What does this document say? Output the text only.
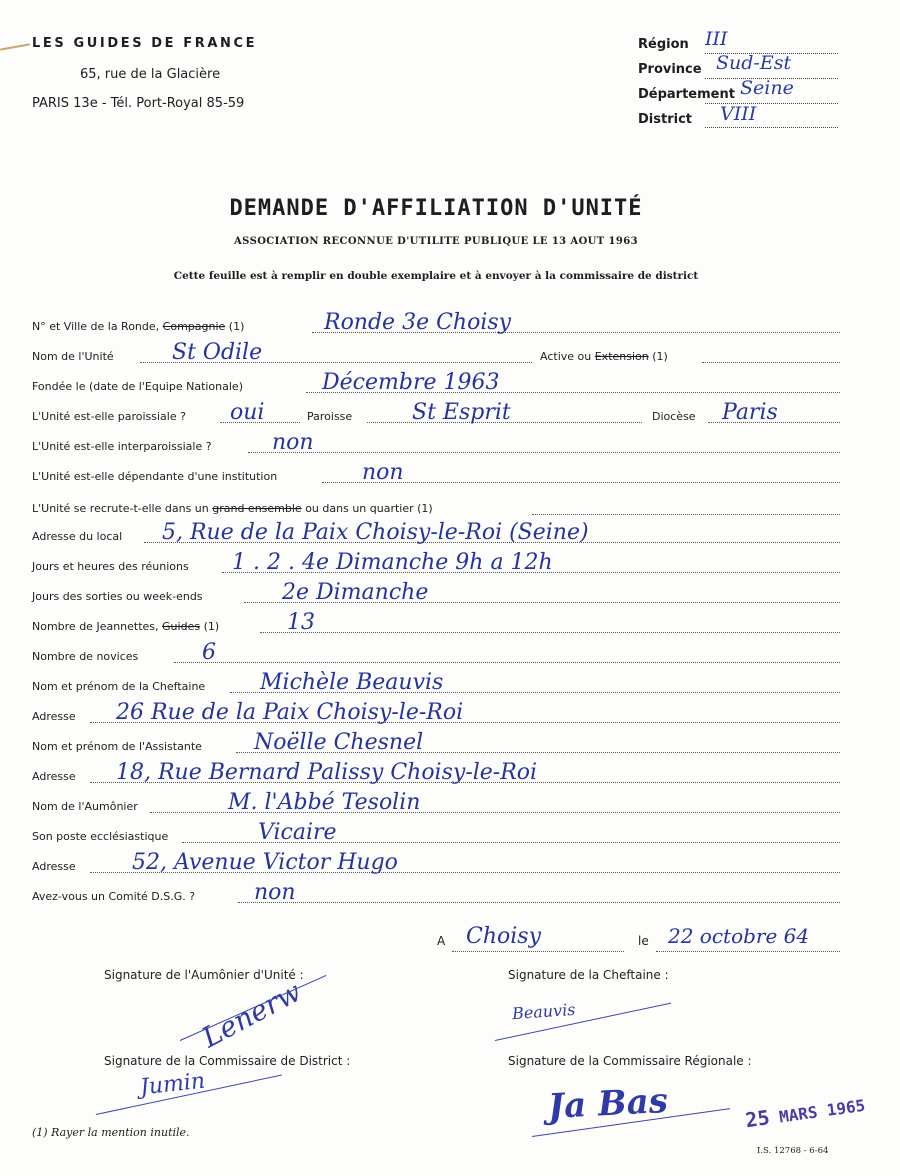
LES GUIDES DE FRANCE
65, rue de la Glacière
PARIS 13e - Tél. Port-Royal 85-59
Région III
Province Sud-Est
Département Seine
District VIII
DEMANDE D'AFFILIATION D'UNITÉ
ASSOCIATION RECONNUE D'UTILITE PUBLIQUE LE 13 AOUT 1963
Cette feuille est à remplir en double exemplaire et à envoyer à la commissaire de district
N° et Ville de la Ronde, Compagnie (1)	Ronde 3e Choisy
Nom de l'Unité	St Odile	Active ou Extension (1)
Fondée le (date de l'Equipe Nationale)	Décembre 1963
L'Unité est-elle paroissiale ? oui	Paroisse	St Esprit	Diocèse Paris
L'Unité est-elle interparoissiale ?	non
L'Unité est-elle dépendante d'une institution	non
L'Unité se recrute-t-elle dans un grand ensemble ou dans un quartier (1)
Adresse du local 5, Rue de la Paix Choisy-le-Roi (Seine)
Jours et heures des réunions 1 . 2 . 4e Dimanche 9h a 12h
Jours des sorties ou week-ends	2e Dimanche
Nombre de Jeannettes, Guides (1)	13
Nombre de novices	6
Nom et prénom de la Cheftaine Michèle Beauvis
Adresse 26 Rue de la Paix Choisy-le-Roi
Nom et prénom de l'Assistante Noëlle Chesnel
Adresse 18, Rue Bernard Palissy Choisy-le-Roi
Nom de l'Aumônier	M. l'Abbé Tesolin
Son poste ecclésiastique	Vicaire
Adresse	52, Avenue Victor Hugo
Avez-vous un Comité D.S.G. ?	non
A Choisy	le 22 octobre 64
Signature de l'Aumônier d'Unité :
Lenerw	Signature de la Cheftaine :
Beauvis
Signature de la Commissaire de District :
Jumin
Signature de la Commissaire Régionale :
Ja Bas	25 MARS 1965
(1) Rayer la mention inutile.
I.S. 12768 - 6-64
